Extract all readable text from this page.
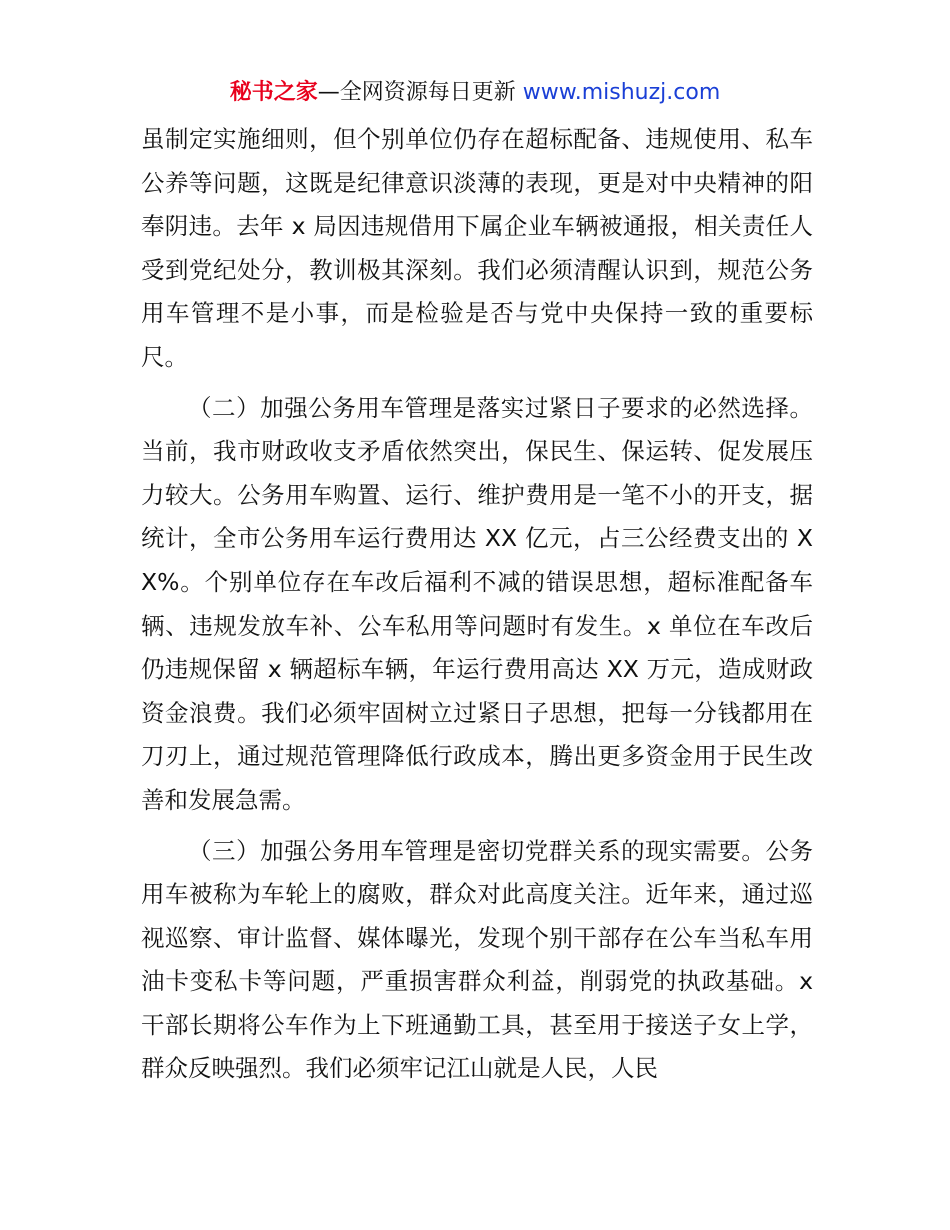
秘书之家—全网资源每日更新 www.mishuzj.com

虽制定实施细则，但个别单位仍存在超标配备、违规使用、私车公养等问题，这既是纪律意识淡薄的表现，更是对中央精神的阳奉阴违。去年 x 局因违规借用下属企业车辆被通报，相关责任人受到党纪处分，教训极其深刻。我们必须清醒认识到，规范公务用车管理不是小事，而是检验是否与党中央保持一致的重要标尺。

（二）加强公务用车管理是落实过紧日子要求的必然选择。当前，我市财政收支矛盾依然突出，保民生、保运转、促发展压力较大。公务用车购置、运行、维护费用是一笔不小的开支，据统计，全市公务用车运行费用达 XX 亿元，占三公经费支出的 XX%。个别单位存在车改后福利不减的错误思想，超标准配备车辆、违规发放车补、公车私用等问题时有发生。x 单位在车改后仍违规保留 x 辆超标车辆，年运行费用高达 XX 万元，造成财政资金浪费。我们必须牢固树立过紧日子思想，把每一分钱都用在刀刃上，通过规范管理降低行政成本，腾出更多资金用于民生改善和发展急需。

（三）加强公务用车管理是密切党群关系的现实需要。公务用车被称为车轮上的腐败，群众对此高度关注。近年来，通过巡视巡察、审计监督、媒体曝光，发现个别干部存在公车当私车用油卡变私卡等问题，严重损害群众利益，削弱党的执政基础。x 干部长期将公车作为上下班通勤工具，甚至用于接送子女上学，群众反映强烈。我们必须牢记江山就是人民，人民
